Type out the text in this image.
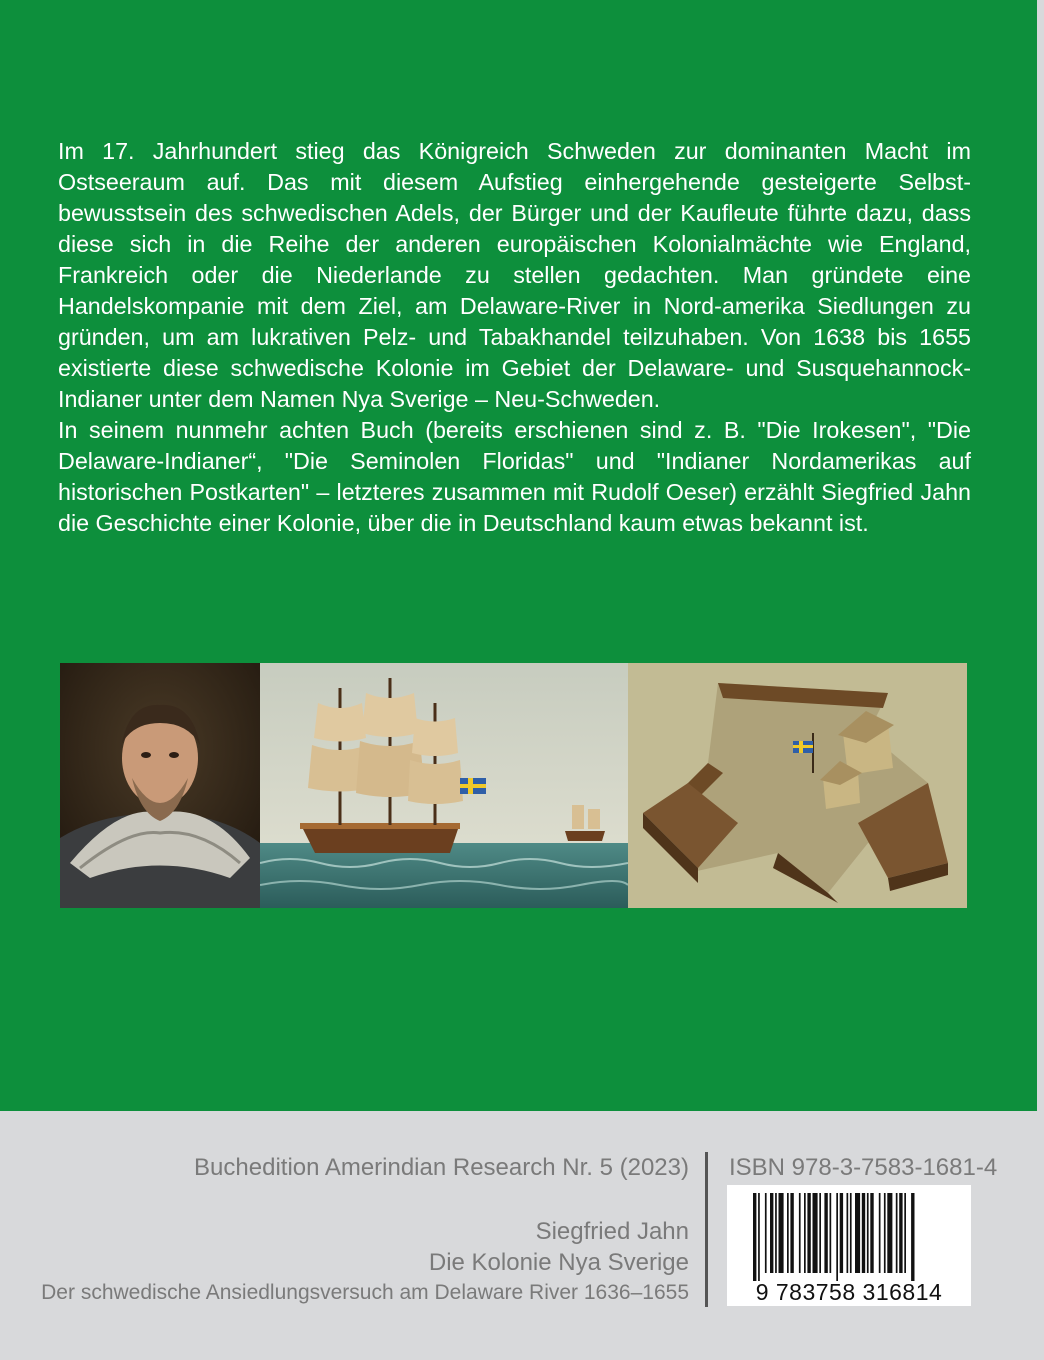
Im 17. Jahrhundert stieg das Königreich Schweden zur dominanten Macht im Ostseeraum auf. Das mit diesem Aufstieg einhergehende gesteigerte Selbst-bewusstsein des schwedischen Adels, der Bürger und der Kaufleute führte dazu, dass diese sich in die Reihe der anderen europäischen Kolonialmächte wie England, Frankreich oder die Niederlande zu stellen gedachten. Man gründete eine Handelskompanie mit dem Ziel, am Delaware-River in Nord-amerika Siedlungen zu gründen, um am lukrativen Pelz- und Tabakhandel teilzuhaben. Von 1638 bis 1655 existierte diese schwedische Kolonie im Gebiet der Delaware- und Susquehannock-Indianer unter dem Namen Nya Sverige – Neu-Schweden.

In seinem nunmehr achten Buch (bereits erschienen sind z. B. "Die Irokesen", "Die Delaware-Indianer“, "Die Seminolen Floridas" und "Indianer Nordamerikas auf historischen Postkarten" – letzteres zusammen mit Rudolf Oeser) erzählt Siegfried Jahn die Geschichte einer Kolonie, über die in Deutschland kaum etwas bekannt ist.

Buchedition Amerindian Research Nr. 5 (2023)
Siegfried Jahn
Die Kolonie Nya Sverige
Der schwedische Ansiedlungsversuch am Delaware River 1636–1655
ISBN 978-3-7583-1681-4
9 783758 316814
